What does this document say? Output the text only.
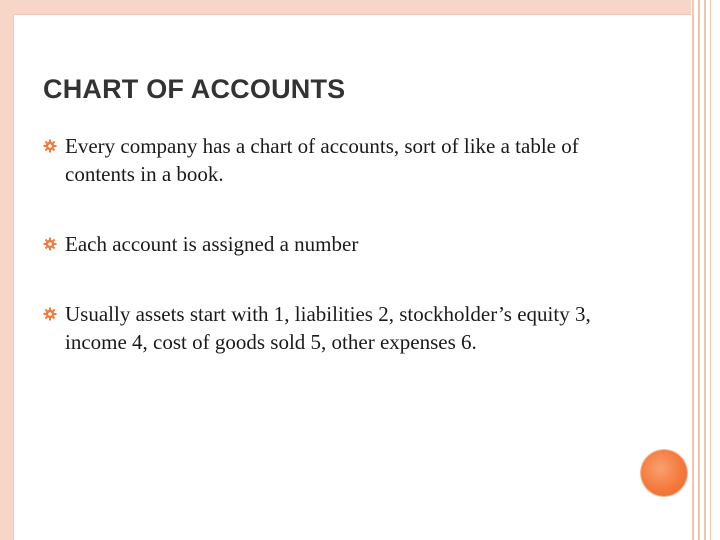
CHART OF ACCOUNTS
Every company has a chart of accounts, sort of like a table of contents in a book.
Each account is assigned a number
Usually assets start with 1, liabilities 2, stockholder’s equity 3, income 4, cost of goods sold 5, other expenses 6.
